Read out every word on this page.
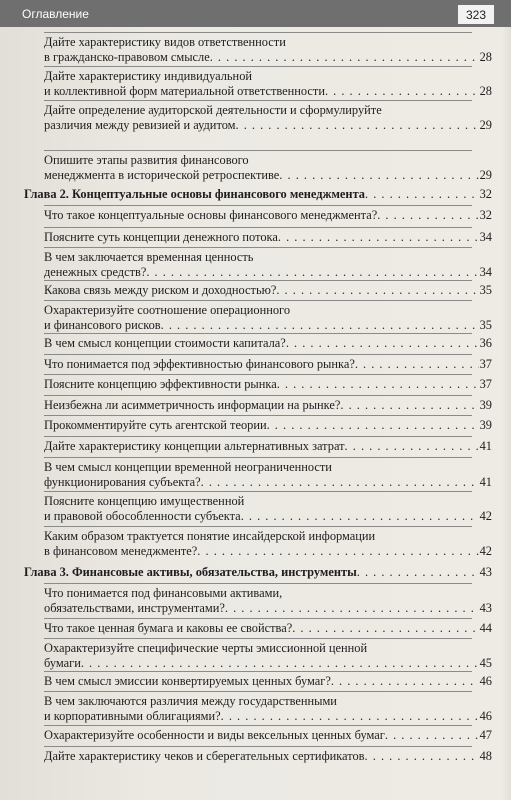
Оглавление	323
Дайте характеристику видов ответственности
в гражданско-правовом смысле . . .	28
Дайте характеристику индивидуальной
и коллективной форм материальной ответственности . . .	28
Дайте определение аудиторской деятельности и сформулируйте
различия между ревизией и аудитом . . .	29
Опишите этапы развития финансового
менеджмента в исторической ретроспективе . . .	29
Глава 2. Концептуальные основы финансового менеджмента . . .	32
Что такое концептуальные основы финансового менеджмента? . . .	32
Поясните суть концепции денежного потока . . .	34
В чем заключается временная ценность
денежных средств? . . .	34
Какова связь между риском и доходностью? . . .	35
Охарактеризуйте соотношение операционного
и финансового рисков . . .	35
В чем смысл концепции стоимости капитала? . . .	36
Что понимается под эффективностью финансового рынка? . . .	37
Поясните концепцию эффективности рынка . . .	37
Неизбежна ли асимметричность информации на рынке? . . .	39
Прокомментируйте суть агентской теории . . .	39
Дайте характеристику концепции альтернативных затрат . . .	41
В чем смысл концепции временной неограниченности
функционирования субъекта? . . .	41
Поясните концепцию имущественной
и правовой обособленности субъекта . . .	42
Каким образом трактуется понятие инсайдерской информации
в финансовом менеджменте? . . .	42
Глава 3. Финансовые активы, обязательства, инструменты . . .	43
Что понимается под финансовыми активами,
обязательствами, инструментами? . . .	43
Что такое ценная бумага и каковы ее свойства? . . .	44
Охарактеризуйте специфические черты эмиссионной ценной
бумаги . . .	45
В чем смысл эмиссии конвертируемых ценных бумаг? . . .	46
В чем заключаются различия между государственными
и корпоративными облигациями? . . .	46
Охарактеризуйте особенности и виды вексельных ценных бумаг . . .	47
Дайте характеристику чеков и сберегательных сертификатов . . .	48
